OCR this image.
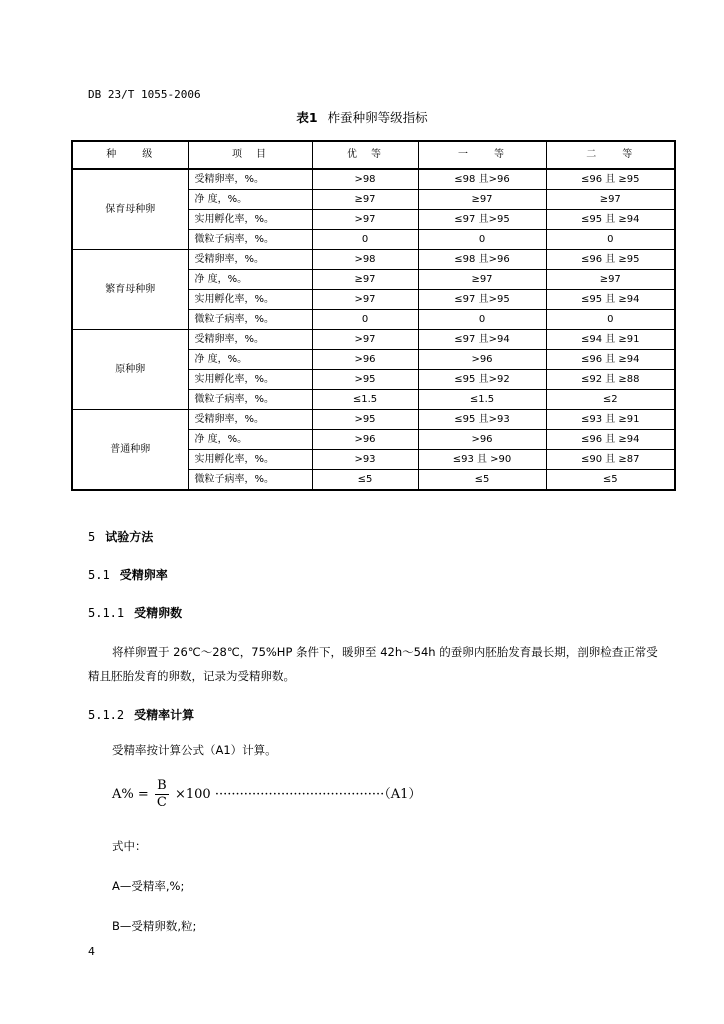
DB 23/T 1055-2006
表1 柞蚕种卵等级指标
种　　级	项　目	优　等	一　　等	二　　等
保育母种卵	受精卵率，%。	>98	≤98 且>96	≤96 且 ≥95
	净 度，%。	≥97	≥97	≥97
	实用孵化率，%。	>97	≤97 且>95	≤95 且 ≥94
	微粒子病率，%。	0	0	0
繁育母种卵	受精卵率，%。	>98	≤98 且>96	≤96 且 ≥95
	净 度，%。	≥97	≥97	≥97
	实用孵化率，%。	>97	≤97 且>95	≤95 且 ≥94
	微粒子病率，%。	0	0	0
原种卵	受精卵率，%。	>97	≤97 且>94	≤94 且 ≥91
	净 度，%。	>96	>96	≤96 且 ≥94
	实用孵化率，%。	>95	≤95 且>92	≤92 且 ≥88
	微粒子病率，%。	≤1.5	≤1.5	≤2
普通种卵	受精卵率，%。	>95	≤95 且>93	≤93 且 ≥91
	净 度，%。	>96	>96	≤96 且 ≥94
	实用孵化率，%。	>93	≤93 且 >90	≤90 且 ≥87
	微粒子病率，%。	≤5	≤5	≤5
5 试验方法
5.1 受精卵率
5.1.1 受精卵数
将样卵置于 26℃～28℃，75%HP 条件下，暖卵至 42h～54h 的蚕卵内胚胎发育最长期，剖卵检查正常受精且胚胎发育的卵数，记录为受精卵数。
5.1.2 受精率计算
受精率按计算公式（A1）计算。
$A\% = \frac{B}{C} \times 100 \cdot\cdot\cdot\cdot\cdot\cdot\cdot\cdot\cdot\cdot\cdot\cdot\cdot\cdot\cdot\cdot\cdot\cdot\cdot\cdot\cdot\cdot\cdot\cdot\cdot\cdot\cdot\cdot\cdot\cdot\cdot\cdot\cdot\cdot\cdot\cdot\cdot\cdot\cdot\cdot\cdot(A1)$
式中：
A—受精率,%;
B—受精卵数,粒;
4
